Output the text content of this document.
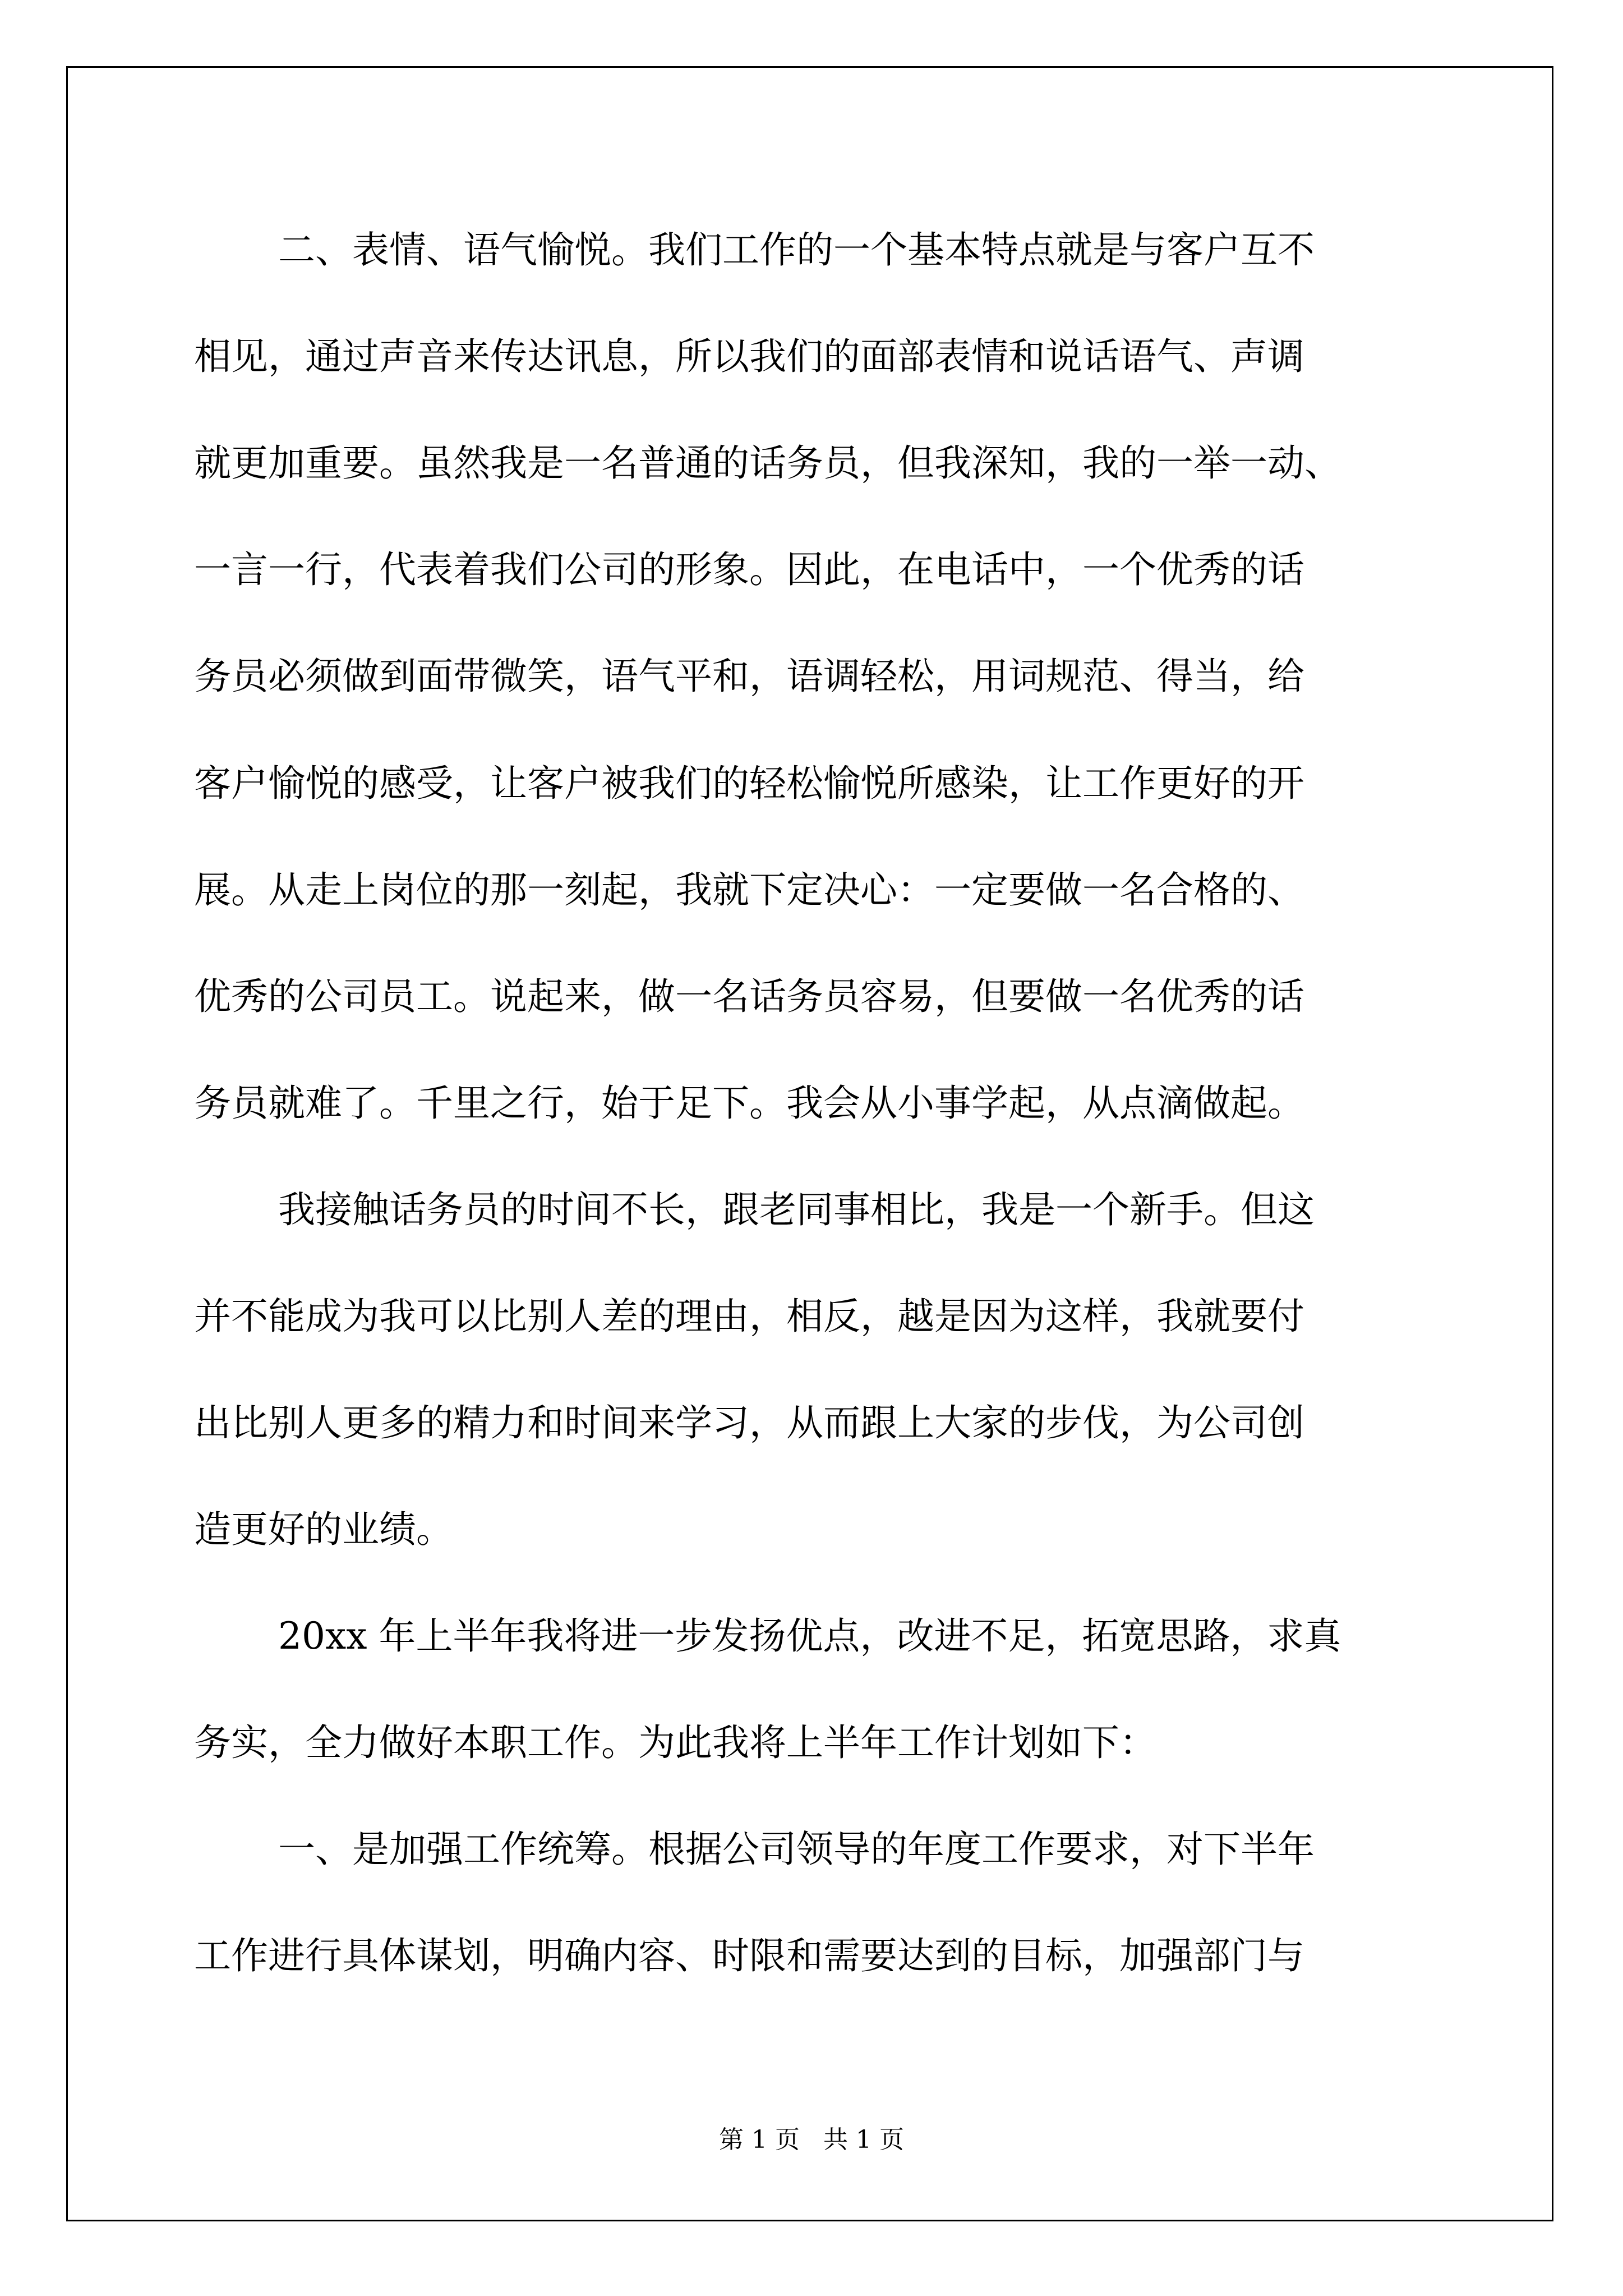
二、表情、语气愉悦。我们工作的一个基本特点就是与客户互不

相见，通过声音来传达讯息，所以我们的面部表情和说话语气、声调

就更加重要。虽然我是一名普通的话务员，但我深知，我的一举一动、

一言一行，代表着我们公司的形象。因此，在电话中，一个优秀的话

务员必须做到面带微笑，语气平和，语调轻松，用词规范、得当，给

客户愉悦的感受，让客户被我们的轻松愉悦所感染，让工作更好的开

展。从走上岗位的那一刻起，我就下定决心：一定要做一名合格的、

优秀的公司员工。说起来，做一名话务员容易，但要做一名优秀的话

务员就难了。千里之行，始于足下。我会从小事学起，从点滴做起。

我接触话务员的时间不长，跟老同事相比，我是一个新手。但这

并不能成为我可以比别人差的理由，相反，越是因为这样，我就要付

出比别人更多的精力和时间来学习，从而跟上大家的步伐，为公司创

造更好的业绩。

20xx 年上半年我将进一步发扬优点，改进不足，拓宽思路，求真

务实，全力做好本职工作。为此我将上半年工作计划如下：

一、是加强工作统筹。根据公司领导的年度工作要求，对下半年

工作进行具体谋划，明确内容、时限和需要达到的目标，加强部门与

第 1 页   共 1 页
